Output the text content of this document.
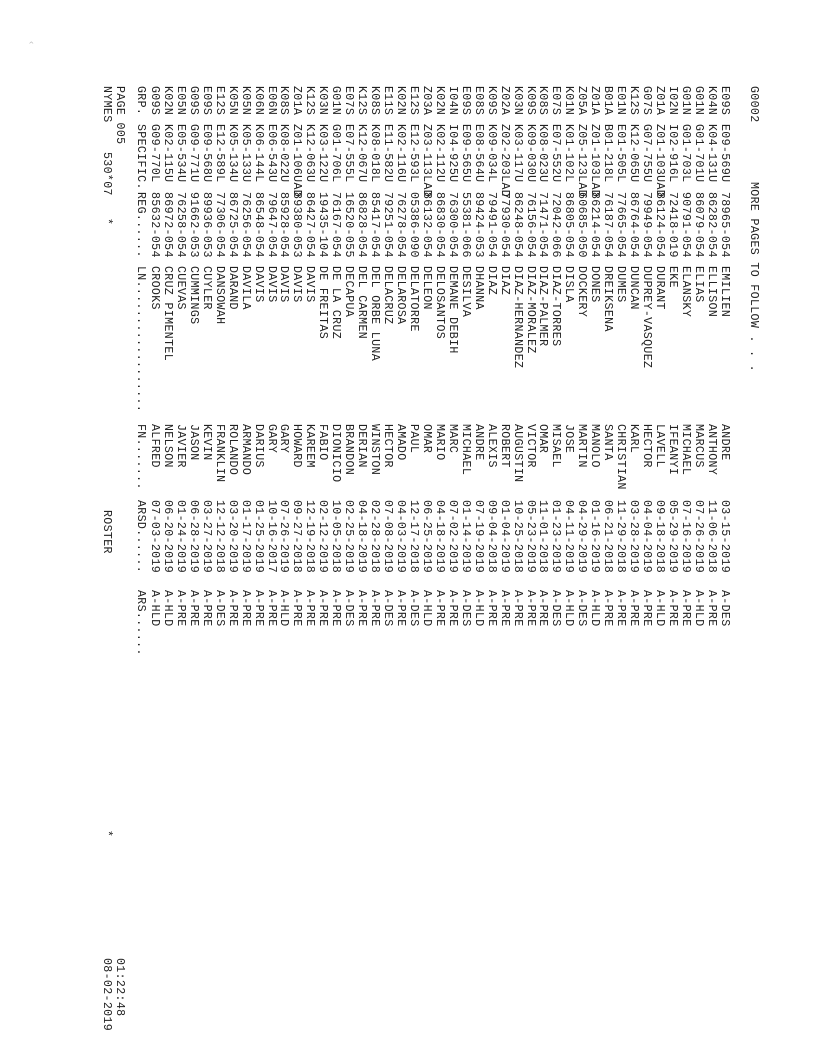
NYMES
530*07
*
PAGE 005
ROSTER
*
08-02-2019 01:22:48
GRP.
SPECIFIC.
REG......
LN..................
FN.......
ARSD......
ARS......
G09S
G09-770L
85632-054
CROOKS
ALFRED
07-03-2019
A-HLD
K02N
K02-115U
86972-054
CRUZ PIMENTEL
NELSON
06-20-2019
A-HLD
E05N
E05-534U
76258-054
CUEVAS
JAVIER
01-24-2019
A-PRE
G09S
G09-771U
91662-053
CUMMINGS
JASON
06-28-2019
A-PRE
E09S
E09-568U
89936-053
CUYLER
KEVIN
03-27-2019
A-PRE
E12S
E12-589L
77306-054
DANSOWAH
FRANKLIN
12-12-2018
A-DES
K05N
K05-134U
86725-054
DARAND
ROLANDO
03-20-2019
A-PRE
K05N
K05-133U
76256-054
DAVILA
ARMANDO
01-17-2019
A-PRE
K06N
K06-144L
86548-054
DAVIS
DARIUS
01-25-2019
A-PRE
E06N
E06-543U
79647-054
DAVIS
GARY
10-16-2017
A-PRE
K08S
K08-022U
85928-054
DAVIS
GARY
07-26-2019
A-HLD
Z01A
Z01-106UAD
89380-053
DAVIS
HOWARD
09-27-2018
A-PRE
K12S
K12-063U
86427-054
DAVIS
KAREEM
12-19-2018
A-PRE
K03N
K03-122U
19435-104
DE FREITAS
FABIO
02-12-2019
A-PRE
G01N
G01-706L
76167-054
DE LA CRUZ
DIONICIO
10-05-2018
A-PRE
E07S
E07-555L
16520-055
DECAPUA
BRANDON
02-25-2019
A-DES
K12S
K12-067U
86828-054
DEL CARMEN
DERIAN
04-18-2019
A-PRE
K08S
K08-018L
85417-054
DEL ORBE LUNA
WINSTON
02-28-2018
A-PRE
E11S
E11-582U
79251-054
DELACRUZ
HECTOR
07-08-2019
A-DES
K02N
K02-116U
76278-054
DELAROSA
AMADO
04-03-2019
A-PRE
E12S
E12-593L
05386-090
DELATORRE
PAUL
12-17-2018
A-DES
Z03A
Z03-113LAD
86132-054
DELEON
OMAR
06-25-2019
A-HLD
K02N
K02-112U
86830-054
DELOSANTOS
MARIO
04-18-2019
A-PRE
I04N
I04-925U
76300-054
DEMANE DEBIH
MARC
07-02-2019
A-PRE
E09S
E09-565U
55381-066
DESILVA
MICHAEL
01-14-2019
A-DES
E08S
E08-564U
89424-053
DHANNA
ANDRE
07-19-2019
A-HLD
K09S
K09-034L
79491-054
DIAZ
ALEXIS
09-04-2018
A-PRE
Z02A
Z02-203LAD
77930-054
DIAZ
ROBERT
01-04-2019
A-PRE
K03N
K03-117U
86248-054
DIAZ-HERNANDEZ
AUGUSTIN
10-25-2018
A-PRE
K09S
K09-030U
76156-054
DIAZ-MORALEZ
VICTOR
05-23-2019
A-PRE
K08S
K08-023U
71471-054
DIAZ-PALMER
OMAR
11-01-2018
A-PRE
E07S
E07-552U
72042-066
DIAZ-TORRES
MISAEL
01-23-2019
A-DES
K01N
K01-102L
86805-054
DISLA
JOSE
04-11-2019
A-HLD
Z05A
Z05-123LAD
60685-050
DOCKERY
MARTIN
04-29-2019
A-DES
Z01A
Z01-103LAD
86214-054
DONES
MANOLO
01-16-2019
A-HLD
B01A
B01-218L
76187-054
DREIKSENA
SANTA
06-21-2018
A-PRE
E01N
E01-505L
77665-054
DUMES
CHRISTIAN
11-29-2018
A-PRE
K12S
K12-065U
86764-054
DUNCAN
KARL
03-28-2019
A-PRE
G07S
G07-755U
79949-054
DUPREY-VASQUEZ
HECTOR
04-04-2019
A-PRE
Z01A
Z01-103UAD
86124-054
DURANT
LAVELL
09-18-2018
A-HLD
I02N
I02-916L
72418-019
EKE
IFEANYI
05-29-2019
A-PRE
G01N
G01-703L
90791-054
ELANSKY
MICHAEL
07-16-2019
A-PRE
G01N
G01-701U
86079-054
ELIAS
MARCUS
07-26-2019
A-HLD
K04N
K04-131U
86282-054
ELLISON
ANTHONY
11-06-2018
A-PRE
E09S
E09-569U
78965-054
EMILIEN
ANDRE
03-15-2019
A-DES
G0002
MORE PAGES TO FOLLOW . . .
‹
